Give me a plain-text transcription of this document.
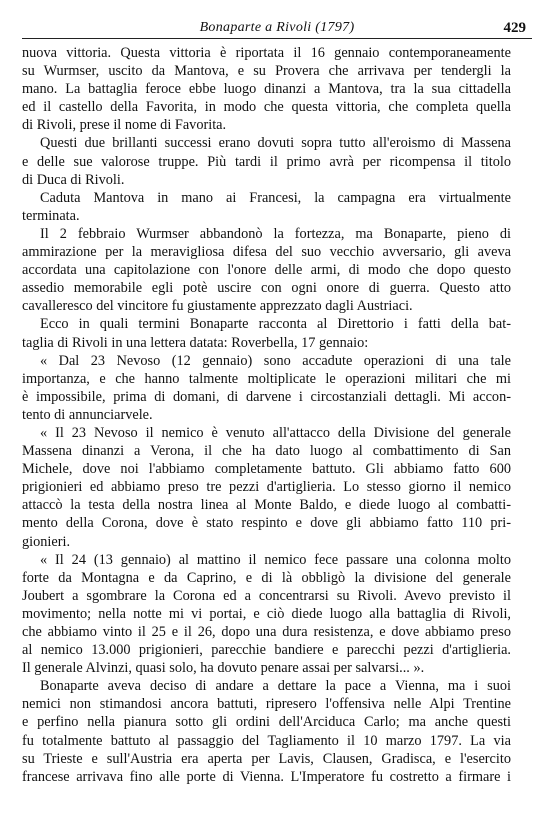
Bonaparte a Rivoli (1797)	429
nuova vittoria. Questa vittoria è riportata il 16 gennaio contemporaneamente
su Wurmser, uscito da Mantova, e su Provera che arrivava per tendergli la
mano. La battaglia feroce ebbe luogo dinanzi a Mantova, tra la sua cittadella
ed il castello della Favorita, in modo che questa vittoria, che completa quella
di Rivoli, prese il nome di Favorita.
Questi due brillanti successi erano dovuti sopra tutto all'eroismo di Massena
e delle sue valorose truppe. Più tardi il primo avrà per ricompensa il titolo
di Duca di Rivoli.
Caduta Mantova in mano ai Francesi, la campagna era virtualmente
terminata.
Il 2 febbraio Wurmser abbandonò la fortezza, ma Bonaparte, pieno di
ammirazione per la meravigliosa difesa del suo vecchio avversario, gli aveva
accordata una capitolazione con l'onore delle armi, di modo che dopo questo
assedio memorabile egli potè uscire con ogni onore di guerra. Questo atto
cavalleresco del vincitore fu giustamente apprezzato dagli Austriaci.
Ecco in quali termini Bonaparte racconta al Direttorio i fatti della bat-
taglia di Rivoli in una lettera datata: Roverbella, 17 gennaio:
« Dal 23 Nevoso (12 gennaio) sono accadute operazioni di una tale
importanza, e che hanno talmente moltiplicate le operazioni militari che mi
è impossibile, prima di domani, di darvene i circostanziali dettagli. Mi accon-
tento di annunciarvele.
« Il 23 Nevoso il nemico è venuto all'attacco della Divisione del generale
Massena dinanzi a Verona, il che ha dato luogo al combattimento di San
Michele, dove noi l'abbiamo completamente battuto. Gli abbiamo fatto 600
prigionieri ed abbiamo preso tre pezzi d'artiglieria. Lo stesso giorno il nemico
attaccò la testa della nostra linea al Monte Baldo, e diede luogo al combatti-
mento della Corona, dove è stato respinto e dove gli abbiamo fatto 110 pri-
gionieri.
« Il 24 (13 gennaio) al mattino il nemico fece passare una colonna molto
forte da Montagna e da Caprino, e di là obbligò la divisione del generale
Joubert a sgombrare la Corona ed a concentrarsi su Rivoli. Avevo previsto il
movimento; nella notte mi vi portai, e ciò diede luogo alla battaglia di Rivoli,
che abbiamo vinto il 25 e il 26, dopo una dura resistenza, e dove abbiamo preso
al nemico 13.000 prigionieri, parecchie bandiere e parecchi pezzi d'artiglieria.
Il generale Alvinzi, quasi solo, ha dovuto penare assai per salvarsi... ».
Bonaparte aveva deciso di andare a dettare la pace a Vienna, ma i suoi
nemici non stimandosi ancora battuti, ripresero l'offensiva nelle Alpi Trentine
e perfino nella pianura sotto gli ordini dell'Arciduca Carlo; ma anche questi
fu totalmente battuto al passaggio del Tagliamento il 10 marzo 1797. La via
su Trieste e sull'Austria era aperta per Lavis, Clausen, Gradisca, e l'esercito
francese arrivava fino alle porte di Vienna. L'Imperatore fu costretto a firmare i
